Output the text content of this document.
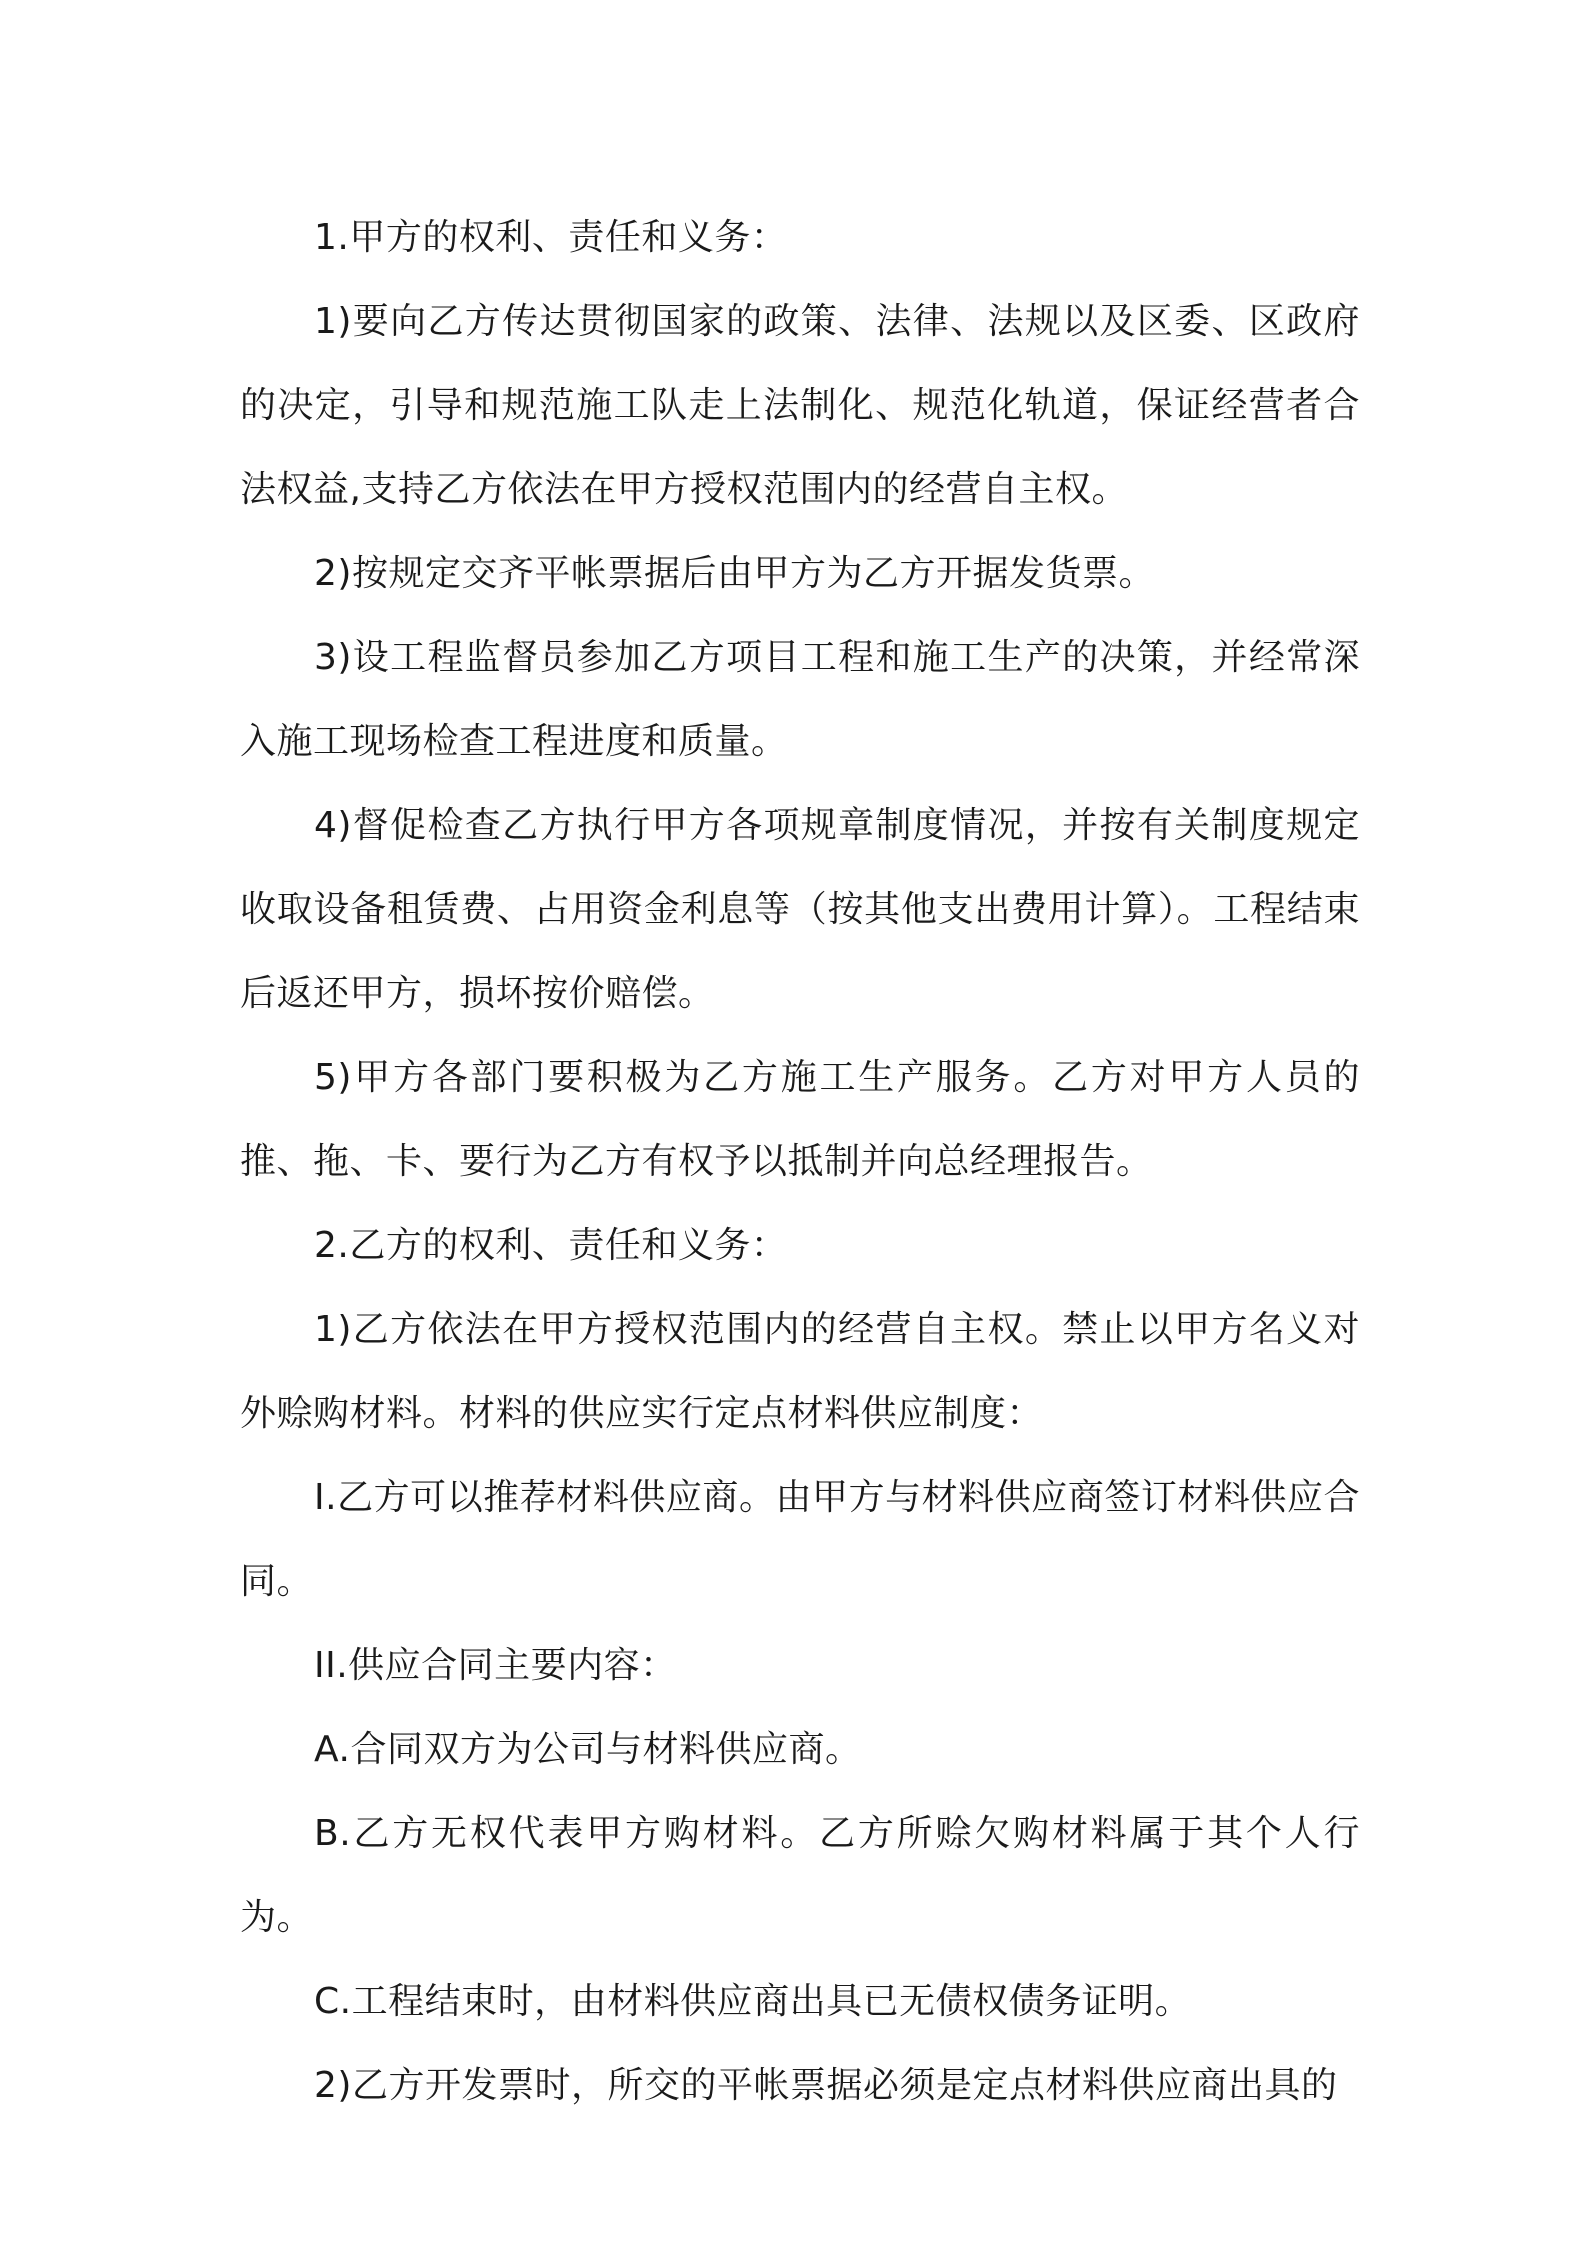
1.甲方的权利、责任和义务：

1)要向乙方传达贯彻国家的政策、法律、法规以及区委、区政府的决定，引导和规范施工队走上法制化、规范化轨道，保证经营者合法权益,支持乙方依法在甲方授权范围内的经营自主权。

2)按规定交齐平帐票据后由甲方为乙方开据发货票。

3)设工程监督员参加乙方项目工程和施工生产的决策，并经常深入施工现场检查工程进度和质量。

4)督促检查乙方执行甲方各项规章制度情况，并按有关制度规定收取设备租赁费、占用资金利息等（按其他支出费用计算）。工程结束后返还甲方，损坏按价赔偿。

5)甲方各部门要积极为乙方施工生产服务。乙方对甲方人员的推、拖、卡、要行为乙方有权予以抵制并向总经理报告。

2.乙方的权利、责任和义务：

1)乙方依法在甲方授权范围内的经营自主权。禁止以甲方名义对外赊购材料。材料的供应实行定点材料供应制度：

I.乙方可以推荐材料供应商。由甲方与材料供应商签订材料供应合同。

II.供应合同主要内容：

A.合同双方为公司与材料供应商。

B.乙方无权代表甲方购材料。乙方所赊欠购材料属于其个人行为。

C.工程结束时，由材料供应商出具已无债权债务证明。

2)乙方开发票时，所交的平帐票据必须是定点材料供应商出具的
